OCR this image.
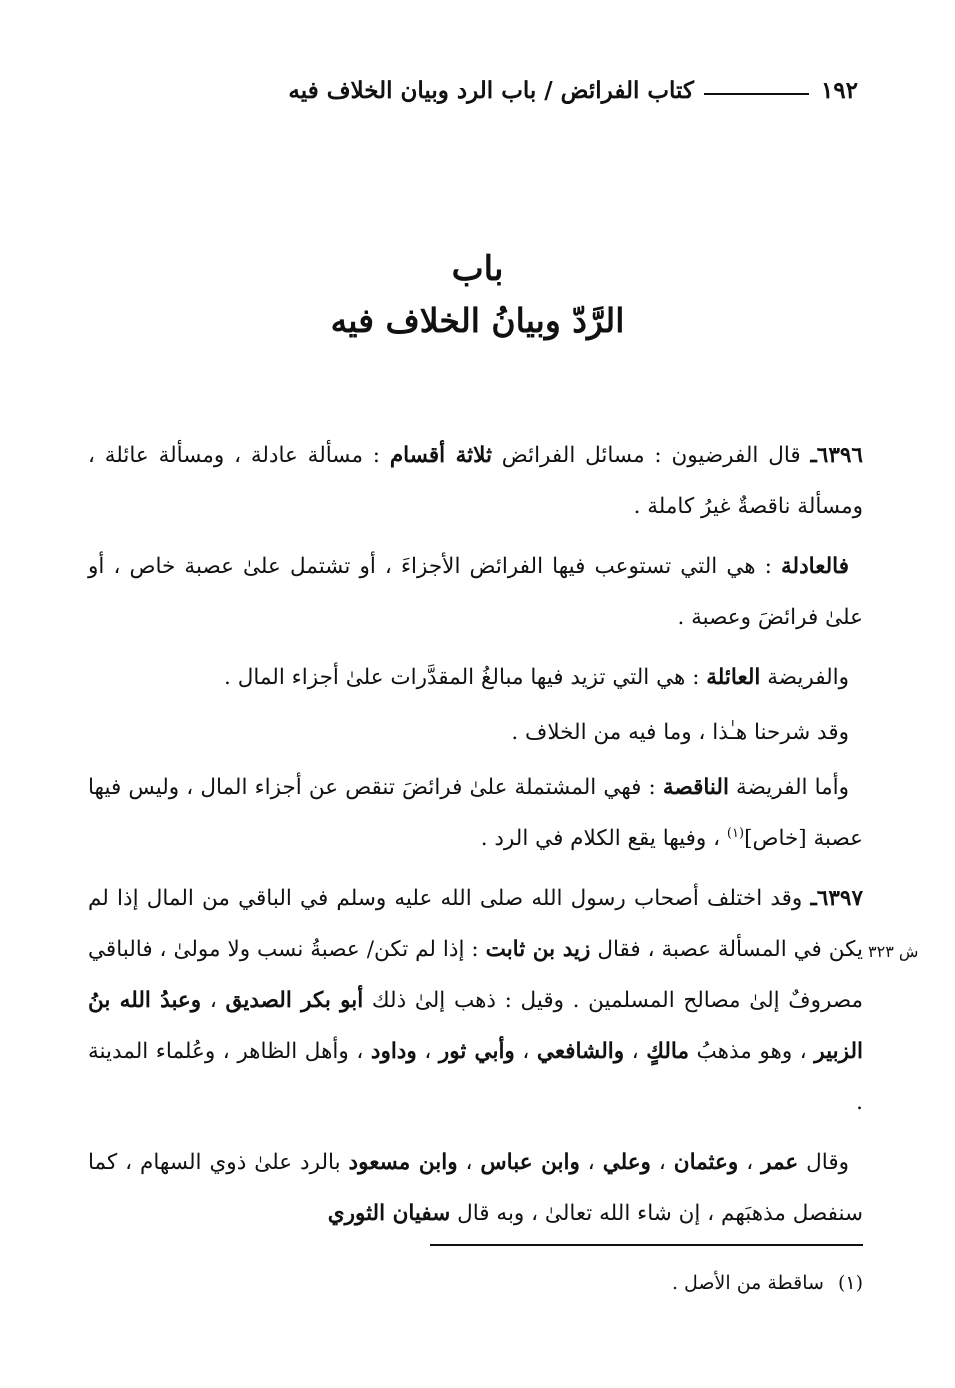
١٩٢
كتاب الفرائض / باب الرد وبيان الخلاف فيه
باب
الرَّدّ وبيانُ الخلاف فيه

٦٣٩٦ـ قال الفرضيون : مسائل الفرائض ثلاثة أقسام : مسألة عادلة ، ومسألة عائلة ، ومسألة ناقصةٌ غيرُ كاملة .

فالعادلة : هي التي تستوعب فيها الفرائض الأجزاءَ ، أو تشتمل علىٰ عصبة خاص ، أو علىٰ فرائضَ وعصبة .

والفريضة العائلة : هي التي تزيد فيها مبالغُ المقدَّرات علىٰ أجزاء المال .

وقد شرحنا هـٰذا ، وما فيه من الخلاف .

وأما الفريضة الناقصة : فهي المشتملة علىٰ فرائضَ تنقص عن أجزاء المال ، وليس فيها عصبة [خاص]$^{(١)}$ ، وفيها يقع الكلام في الرد .

٦٣٩٧ـ وقد اختلف أصحاب رسول الله صلى الله عليه وسلم في الباقي من المال إذا لم يكن في المسألة عصبة ، فقال زيد بن ثابت : إذا لم تكن/ عصبةُ نسب ولا مولىٰ ، فالباقي مصروفٌ إلىٰ مصالح المسلمين . وقيل : ذهب إلىٰ ذلك أبو بكر الصديق ، وعبدُ الله بنُ الزبير ، وهو مذهبُ مالكٍ ، والشافعي ، وأبي ثور ، وداود ، وأهل الظاهر ، وعُلماء المدينة .

وقال عمر ، وعثمان ، وعلي ، وابن عباس ، وابن مسعود بالرد علىٰ ذوي السهام ، كما سنفصل مذهبَهم ، إن شاء الله تعالىٰ ، وبه قال سفيان الثوري

ش ٣٢٣
(١)ساقطة من الأصل .
